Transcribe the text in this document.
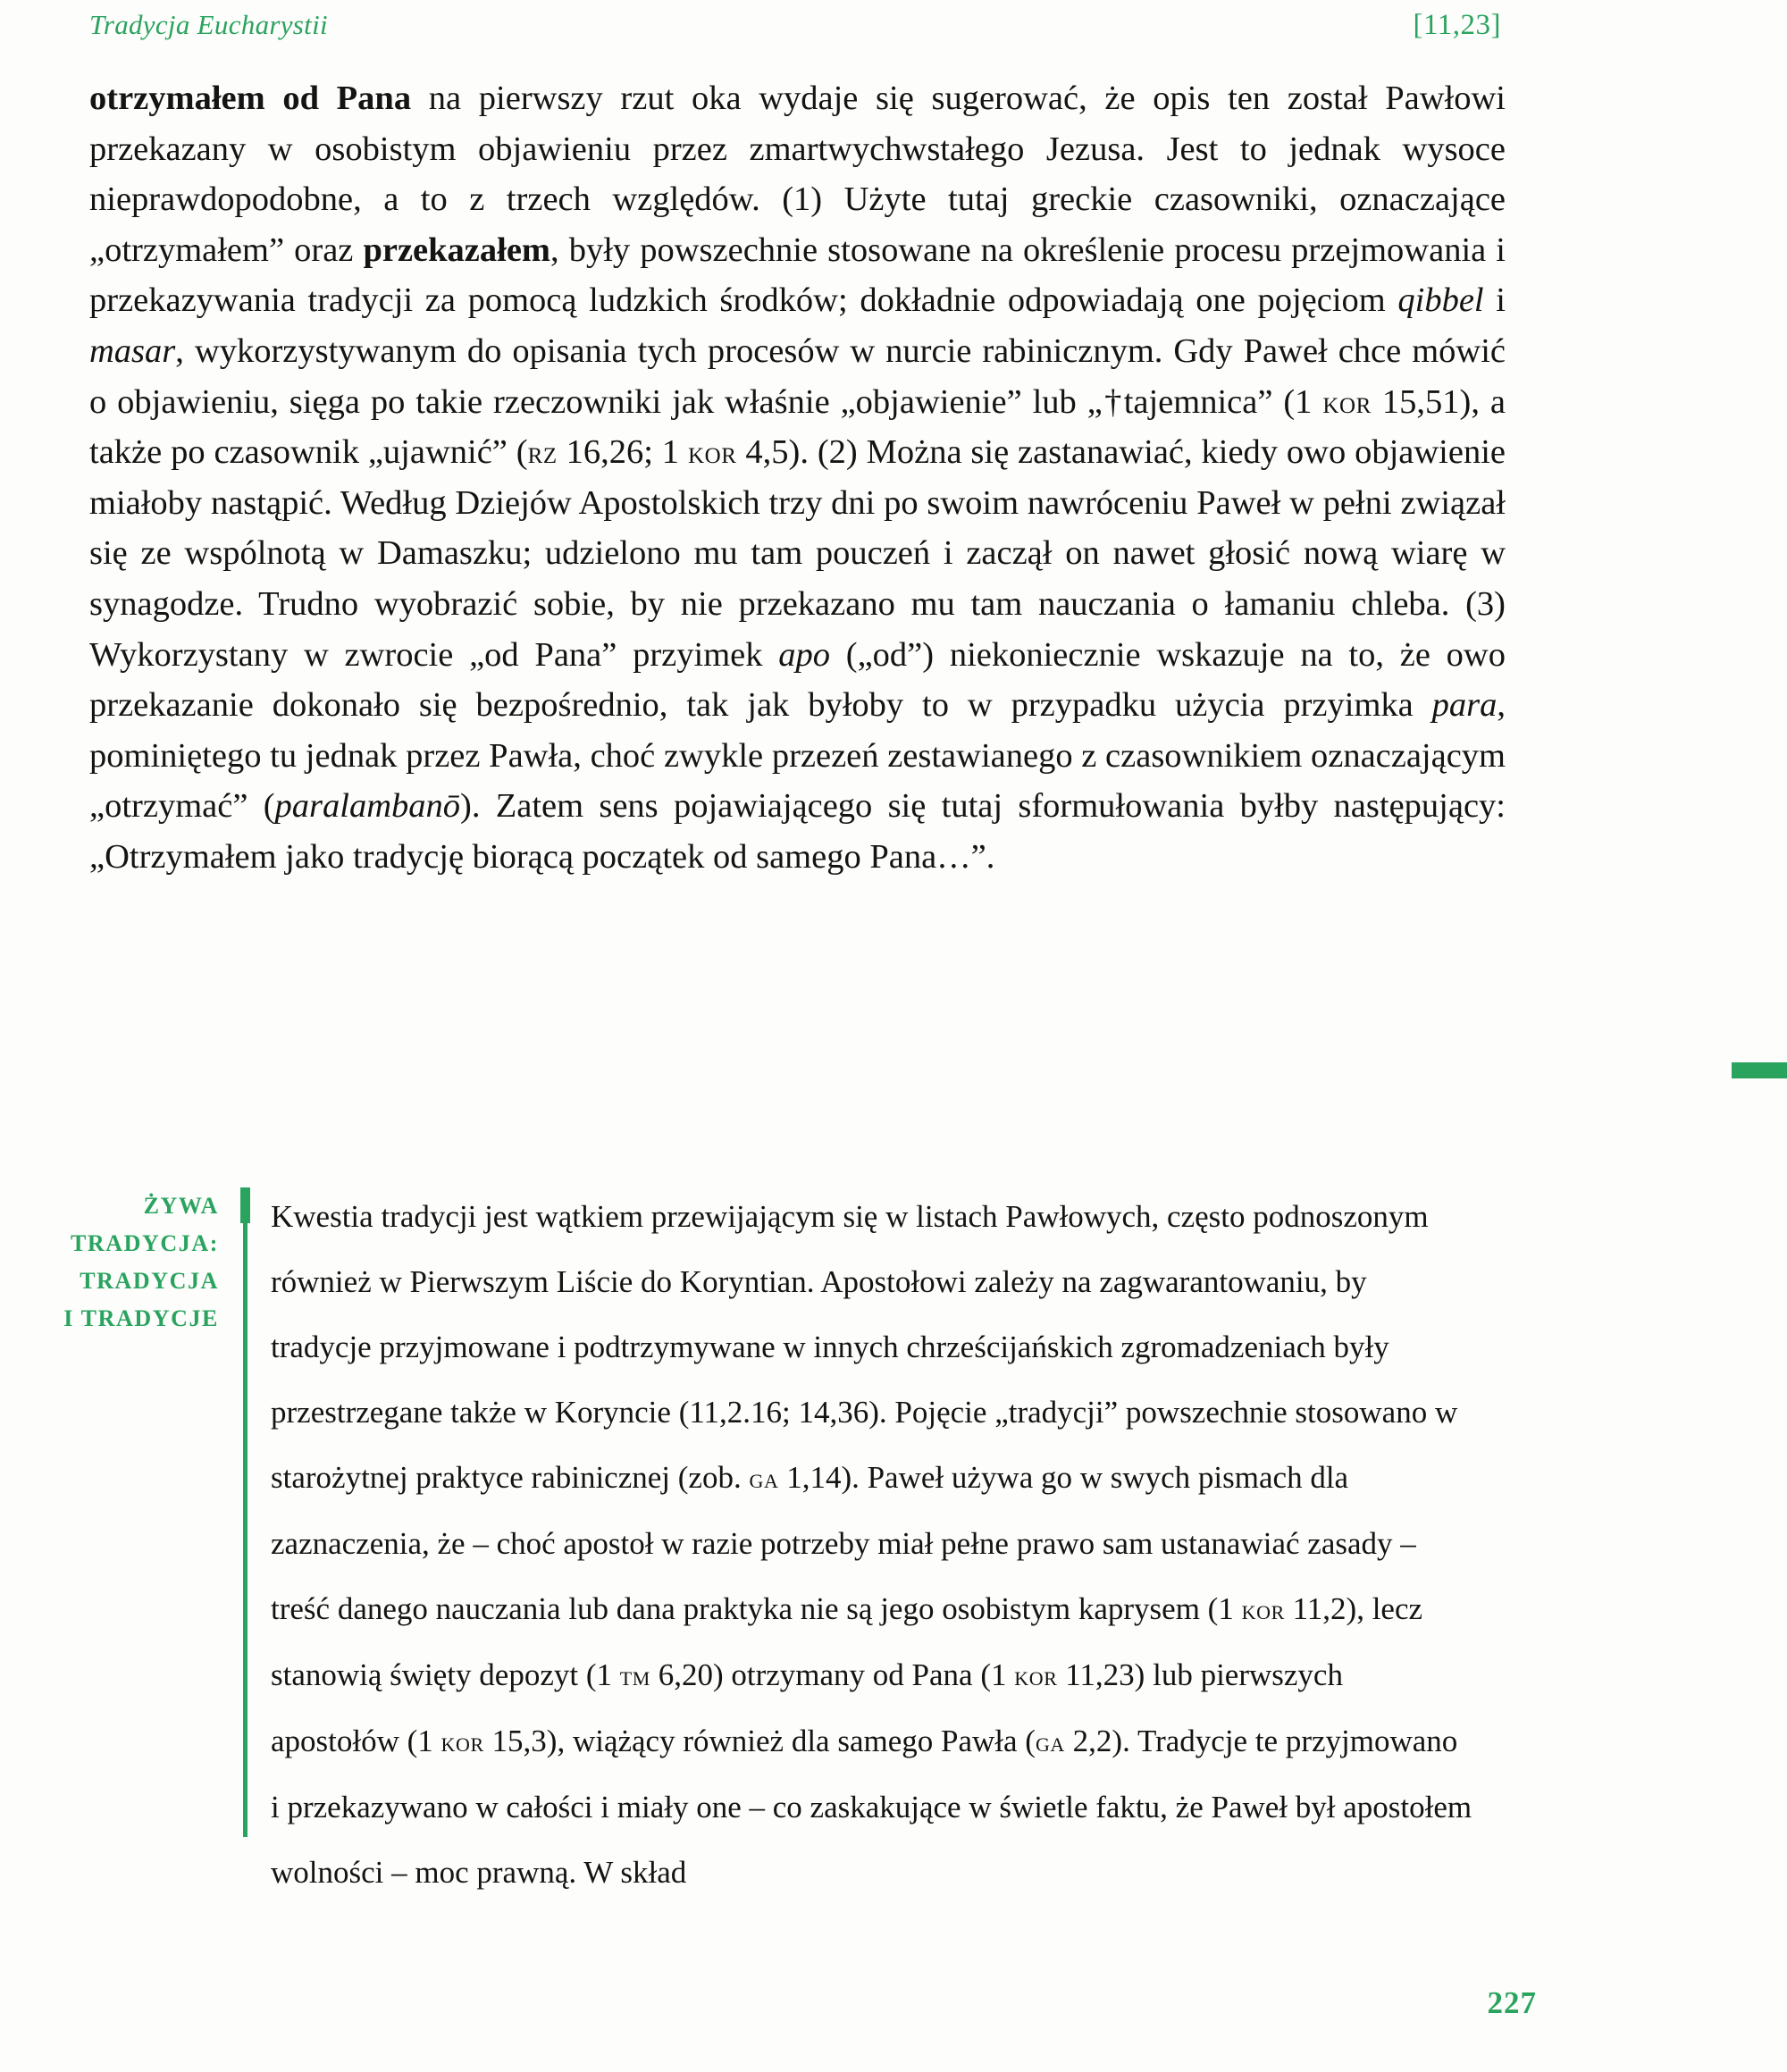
Tradycja Eucharystii	[11,23]

otrzymałem od Pana na pierwszy rzut oka wydaje się sugerować, że opis ten został Pawłowi przekazany w osobistym objawieniu przez zmartwychwstałego Jezusa. Jest to jednak wysoce nieprawdopodobne, a to z trzech względów. (1) Użyte tutaj greckie czasowniki, oznaczające „otrzymałem” oraz przekazałem, były powszechnie stosowane na określenie procesu przejmowania i przekazywania tradycji za pomocą ludzkich środków; dokładnie odpowiadają one pojęciom qibbel i masar, wykorzystywanym do opisania tych procesów w nurcie rabinicznym. Gdy Paweł chce mówić o objawieniu, sięga po takie rzeczowniki jak właśnie „objawienie” lub „†tajemnica” (1 kor 15,51), a także po czasownik „ujawnić” (rz 16,26; 1 kor 4,5). (2) Można się zastanawiać, kiedy owo objawienie miałoby nastąpić. Według Dziejów Apostolskich trzy dni po swoim nawróceniu Paweł w pełni związał się ze wspólnotą w Damaszku; udzielono mu tam pouczeń i zaczął on nawet głosić nową wiarę w synagodze. Trudno wyobrazić sobie, by nie przekazano mu tam nauczania o łamaniu chleba. (3) Wykorzystany w zwrocie „od Pana” przyimek apo („od”) niekoniecznie wskazuje na to, że owo przekazanie dokonało się bezpośrednio, tak jak byłoby to w przypadku użycia przyimka para, pominiętego tu jednak przez Pawła, choć zwykle przezeń zestawianego z czasownikiem oznaczającym „otrzymać” (paralambanō). Zatem sens pojawiającego się tutaj sformułowania byłby następujący: „Otrzymałem jako tradycję biorącą początek od samego Pana…”.

ŻYWA
TRADYCJA:
TRADYCJA
I TRADYCJE

Kwestia tradycji jest wątkiem przewijającym się w listach Pawłowych, często podnoszonym również w Pierwszym Liście do Koryntian. Apostołowi zależy na zagwarantowaniu, by tradycje przyjmowane i podtrzymywane w innych chrześcijańskich zgromadzeniach były przestrzegane także w Koryncie (11,2.16; 14,36). Pojęcie „tradycji” powszechnie stosowano w starożytnej praktyce rabinicznej (zob. ga 1,14). Paweł używa go w swych pismach dla zaznaczenia, że – choć apostoł w razie potrzeby miał pełne prawo sam ustanawiać zasady – treść danego nauczania lub dana praktyka nie są jego osobistym kaprysem (1 kor 11,2), lecz stanowią święty depozyt (1 tm 6,20) otrzymany od Pana (1 kor 11,23) lub pierwszych apostołów (1 kor 15,3), wiążący również dla samego Pawła (ga 2,2). Tradycje te przyjmowano i przekazywano w całości i miały one – co zaskakujące w świetle faktu, że Paweł był apostołem wolności – moc prawną. W skład

227
